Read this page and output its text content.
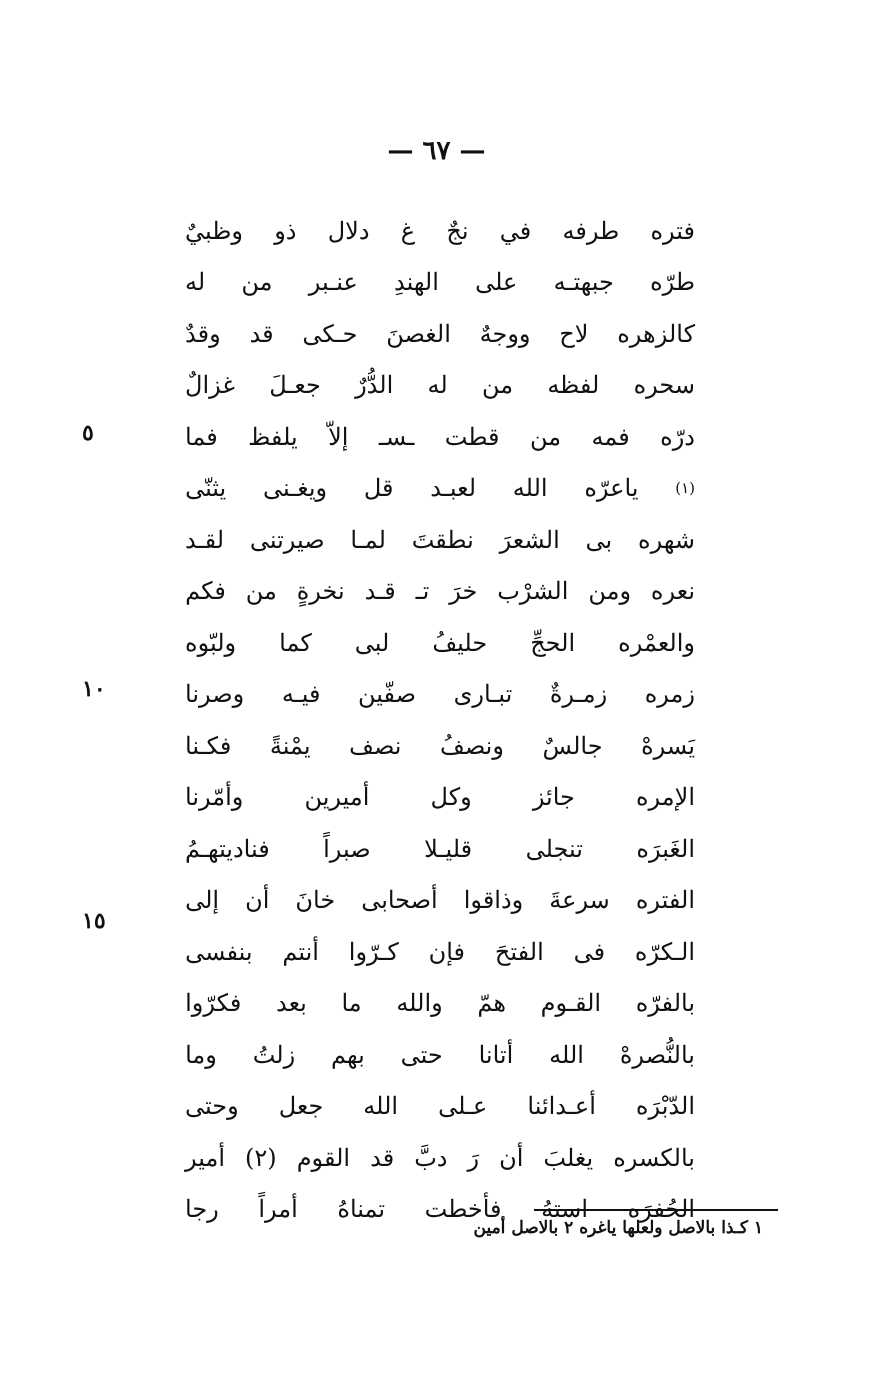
— ٦٧ —
وظبيٌ ذو دلال غ نجٌ في طرفه فتره
له من عنـبر الهندِ على جبهتـه طرّه
وقدٌ قد حـكى الغصنَ ووجهٌ لاح كالزهره
غزالٌ جعـلَ الدُّرٌ له من لفظه سحره
فما يلفظ إلاّ ـسـ قطت من فمه درّه
يثنّى ويغـنى قل لعبـد الله ياعرّه (١)
لقـد صيرتنى لمـا نطقتَ الشعرَ بى شهره
فكم من نخرةٍ قـد تـ خرَ الشرْب ومن نعره
ولبّوه كما لبى حليفُ الحجِّ والعمْره
وصرنا فيـه صفّين تبـارى زمـرةٌ زمره
فكـنا يمْنةً نصف ونصفُ جالسٌ يَسرهْ
وأمّرنا	أميرين	وكل	جائز	الإمره
فناديتهـمُ صبراً قليـلا تنجلى الغَبرَه
إلى أن خانَ أصحابى وذاقوا سرعةَ الفتره
بنفسى أنتم كـرّوا فإن الفتحَ فى الـكرّه
فكرّوا بعد ما والله همّ القـوم بالفرّه
وما زلتُ بهم حتى أتانا الله بالنُّصرهْ
وحتى جعل الله عـلى أعـدائنا الدّبْرَه
أمير (٢) القوم قد دبَّ رَ أن يغلبَ بالكسره
رجا أمراً تمناهُ فأخطت استهُ الحُفرَه
٥
١٠
١٥
١ كـذا بالاصل ولعلها ياغره ٢ بالاصل أمين
